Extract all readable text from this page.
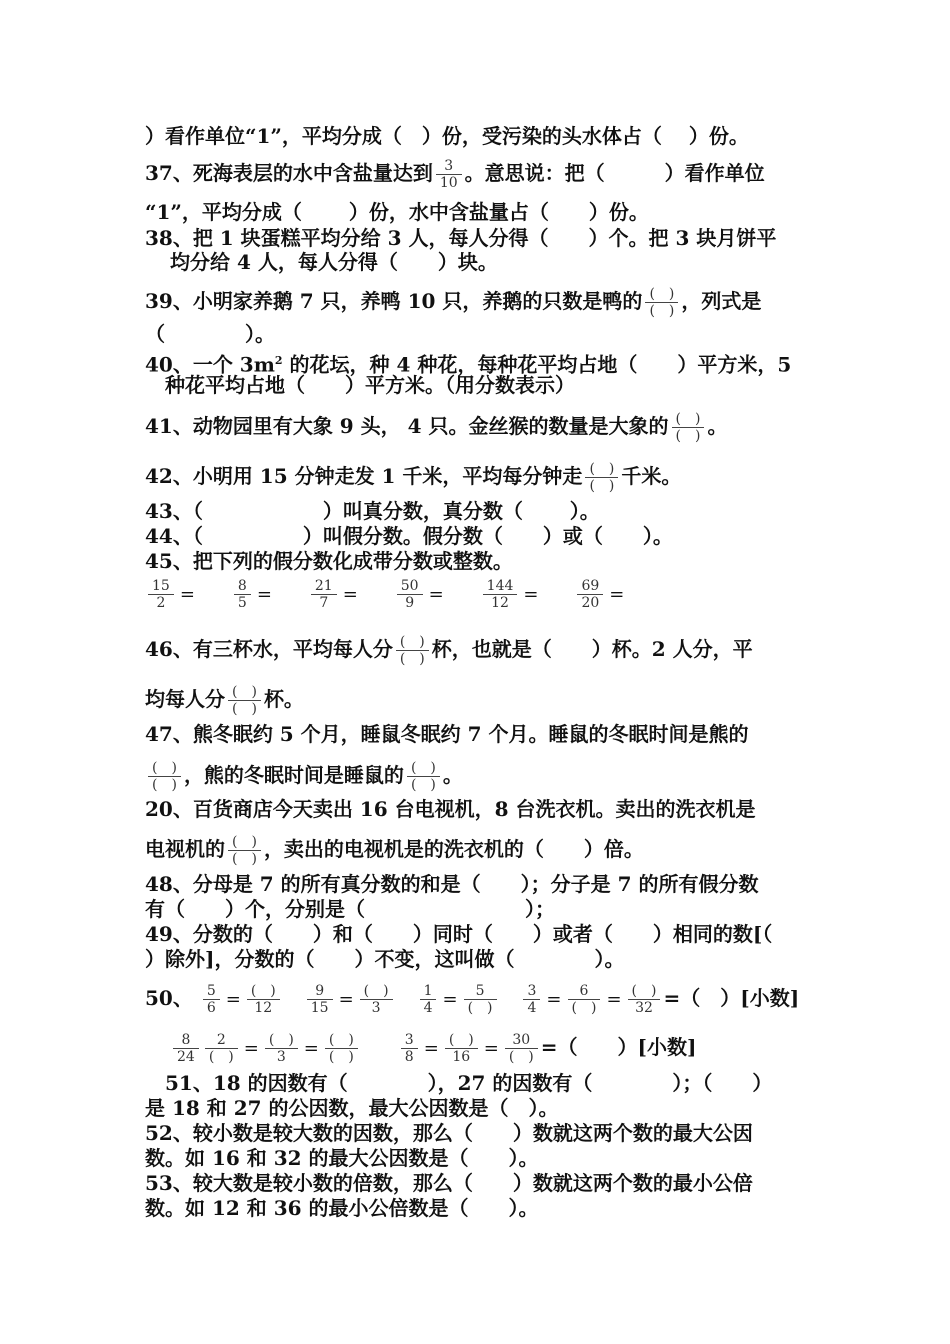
）看作单位“1”，平均分成（　）份，受污染的头水体占（　 ）份。
37、死海表层的水中含盐量达到 $\frac{3}{10}$ 。意思说：把（　　　）看作单位
“1”，平均分成（　　 ）份，水中含盐量占（　　）份。
38、把 1 块蛋糕平均分给 3 人，每人分得（　　）个。把 3 块月饼平
均分给 4 人，每人分得（　　）块。
39、小明家养鹅 7 只，养鸭 10 只，养鹅的只数是鸭的 $\frac{( )}{( )}$ ，列式是
（　　　　）。
40、一个 $3m^2$ 的花坛，种 4 种花，每种花平均占地（　　）平方米，5
种花平均占地（　　）平方米。（用分数表示）
41、动物园里有大象 9 头， 4 只。金丝猴的数量是大象的 $\frac{( )}{( )}$ 。
42、小明用 15 分钟走发 1 千米，平均每分钟走 $\frac{( )}{( )}$ 千米。
43、（　　　　　　）叫真分数，真分数（　　 ）。
44、（　　　　　）叫假分数。假分数（　　）或（　　）。
45、把下列的假分数化成带分数或整数。
$\frac{15}{2}$ =	$\frac{8}{5}$ =	$\frac{21}{7}$ =	$\frac{50}{9}$ =	$\frac{144}{12}$ =	$\frac{69}{20}$ =
46、有三杯水，平均每人分 $\frac{( )}{( )}$ 杯，也就是（　　）杯。2 人分，平
均每人分 $\frac{( )}{( )}$ 杯。
47、熊冬眠约 5 个月，睡鼠冬眠约 7 个月。睡鼠的冬眠时间是熊的
$\frac{( )}{( )}$ ，熊的冬眠时间是睡鼠的 $\frac{( )}{( )}$ 。
20、百货商店今天卖出 16 台电视机，8 台洗衣机。卖出的洗衣机是
电视机的 $\frac{( )}{( )}$ ，卖出的电视机是的洗衣机的（　　）倍。
48、分母是 7 的所有真分数的和是（　　）；分子是 7 的所有假分数
有（　　）个，分别是（　　　　　　　　）；
49、分数的（　　）和（　　）同时（　　）或者（　　）相同的数[（
）除外]，分数的（　　）不变，这叫做（　　　　）。
50、 $\frac{5}{6} = \frac{( )}{12}$
$\frac{9}{15} = \frac{( )}{3}$
$\frac{1}{4} = \frac{5}{( )}$
$\frac{3}{4} = \frac{6}{( )} = \frac{( )}{32}$ =（　）[小数]
$\frac{8}{24} \frac{2}{( )} = \frac{( )}{3} = \frac{( )}{( )}$
	$\frac{3}{8} = \frac{( )}{16} = \frac{30}{( )}$ =（　　）[小数]
51、18 的因数有（　　　　），27 的因数有（　　　　）；（　　）
是 18 和 27 的公因数，最大公因数是（　）。
52、较小数是较大数的因数，那么（　　）数就这两个数的最大公因
数。如 16 和 32 的最大公因数是（　　）。
53、较大数是较小数的倍数，那么（　　）数就这两个数的最小公倍
数。如 12 和 36 的最小公倍数是（　　）。
